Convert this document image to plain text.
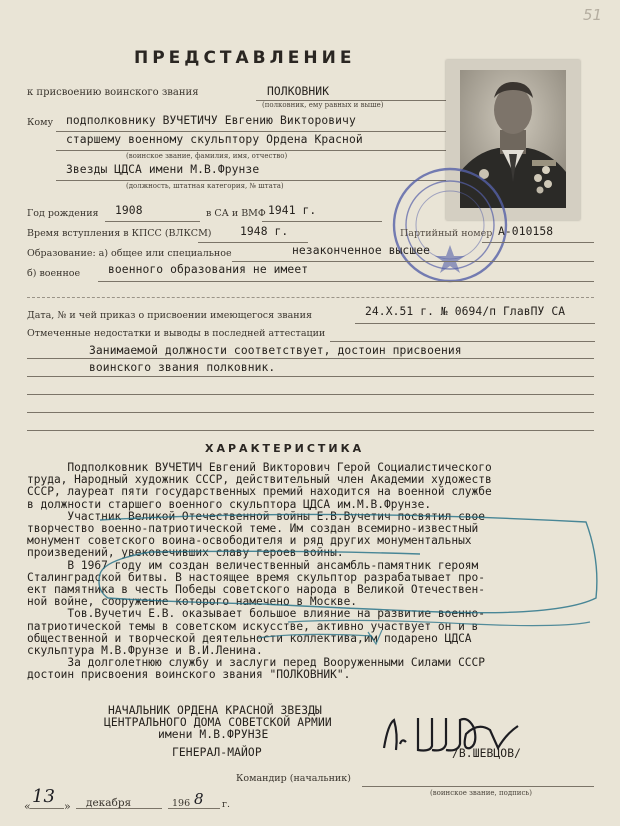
51
ПРЕДСТАВЛЕНИЕ
к присвоению воинского звания	ПОЛКОВНИК
(полковник, ему равных и выше)
Кому подполковнику ВУЧЕТИЧУ Евгению Викторовичу
старшему военному скульптору Ордена Красной
(воинское звание, фамилия, имя, отчество)
Звезды ЦДСА имени М.В.Фрунзе
(должность, штатная категория, № штата)
Год рождения 1908	в СА и ВМФ 1941 г.
Время вступления в КПСС (ВЛКСМ)	1948 г.	Партийный номер А-010158
Образование: а) общее или специальное	незаконченное высшее
б) военное военного образования не имеет
Дата, № и чей приказ о присвоении имеющегося звания	24.Х.51 г. № 0694/п ГлавПУ СА
Отмеченные недостатки и выводы в последней аттестации
Занимаемой должности соответствует, достоин присвоения
воинского звания полковник.
ХАРАКТЕРИСТИКА
Подполковник ВУЧЕТИЧ Евгений Викторович Герой Социалистического
труда, Народный художник СССР, действительный член Академии художеств
СССР, лауреат пяти государственных премий находится на военной службе
в должности старшего военного скульптора ЦДСА им.М.В.Фрунзе.
Участник Великой Отечественной войны Е.В.Вучетич посвятил свое
творчество военно-патриотической теме. Им создан всемирно-известный
монумент советского воина-освободителя и ряд других монументальных
произведений, увековечивших славу героев войны.
В 1967 году им создан величественный ансамбль-памятник героям
Сталинградской битвы. В настоящее время скульптор разрабатывает про-
ект памятника в честь Победы советского народа в Великой Отечествен-
ной войне, сооружение которого намечено в Москве.
Тов.Вучетич Е.В. оказывает большое влияние на развитие военно-
патриотической темы в советском искусстве, активно участвует он и в
общественной и творческой деятельности коллектива,им подарено ЦДСА
скульптура М.В.Фрунзе и В.И.Ленина.
За долголетнюю службу и заслуги перед Вооруженными Силами СССР
достоин присвоения воинского звания "ПОЛКОВНИК".
НАЧАЛЬНИК ОРДЕНА КРАСНОЙ ЗВЕЗДЫ
ЦЕНТРАЛЬНОГО ДОМА СОВЕТСКОЙ АРМИИ
имени М.В.ФРУНЗЕ
ГЕНЕРАЛ-МАЙОР	/В.ШЕВЦОВ/
Командир (начальник)
(воинское звание, подпись)
« 13 » декабря	196 8 г.
